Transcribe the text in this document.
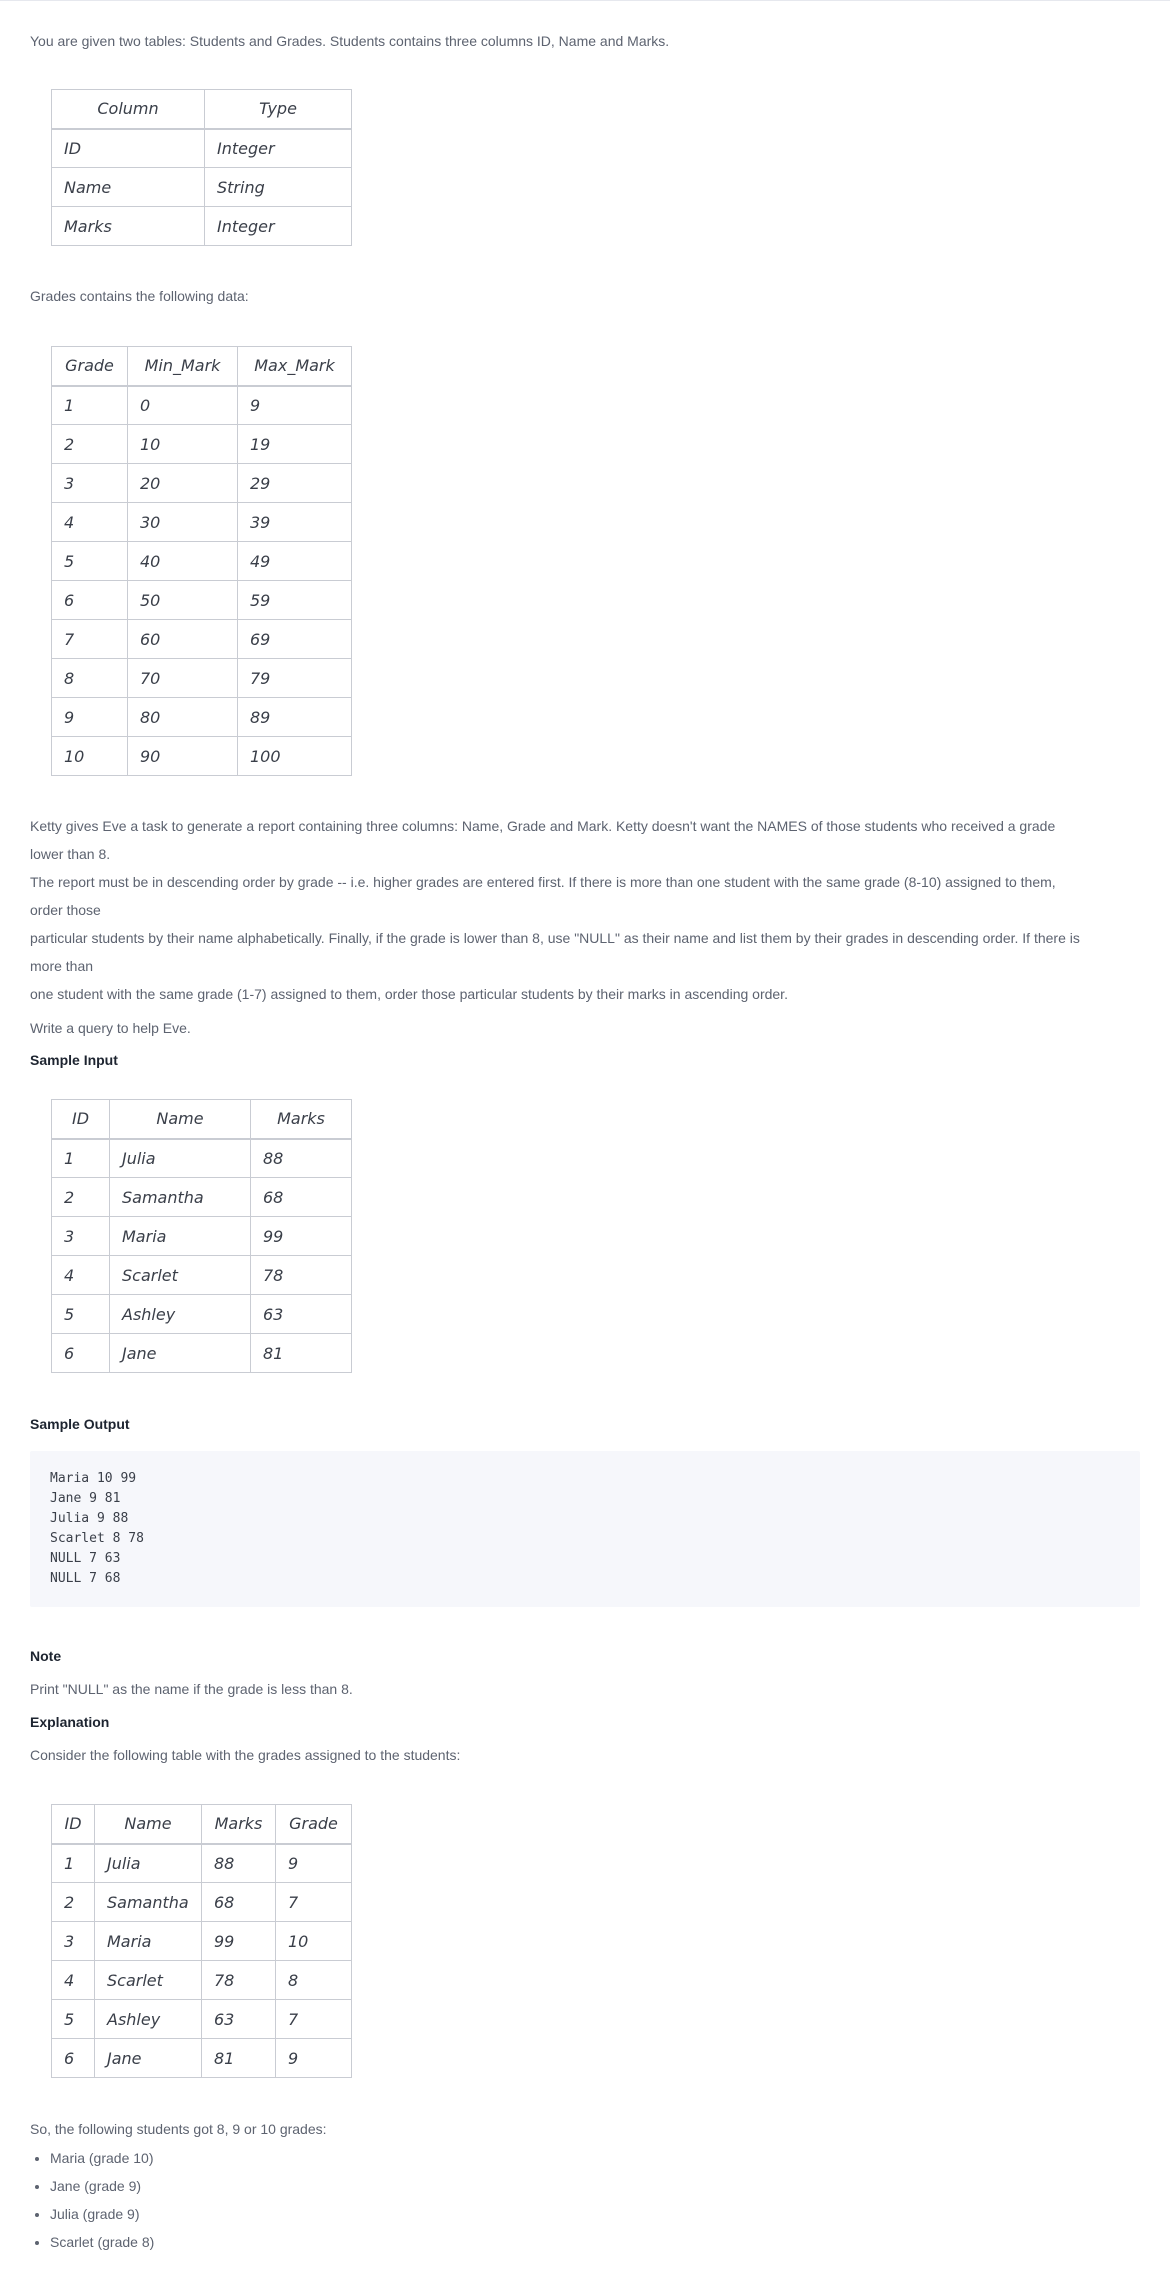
You are given two tables: Students and Grades. Students contains three columns ID, Name and Marks.

Column	Type
ID	Integer
Name	String
Marks	Integer

Grades contains the following data:

Grade	Min_Mark	Max_Mark
1	0	9
2	10	19
3	20	29
4	30	39
5	40	49
6	50	59
7	60	69
8	70	79
9	80	89
10	90	100

Ketty gives Eve a task to generate a report containing three columns: Name, Grade and Mark. Ketty doesn't want the NAMES of those students who received a grade lower than 8.

The report must be in descending order by grade -- i.e. higher grades are entered first. If there is more than one student with the same grade (8-10) assigned to them, order those

particular students by their name alphabetically. Finally, if the grade is lower than 8, use "NULL" as their name and list them by their grades in descending order. If there is more than

one student with the same grade (1-7) assigned to them, order those particular students by their marks in ascending order.

Write a query to help Eve.

Sample Input

ID	Name	Marks
1	Julia	88
2	Samantha	68
3	Maria	99
4	Scarlet	78
5	Ashley	63
6	Jane	81

Sample Output

Maria 10 99
Jane 9 81
Julia 9 88
Scarlet 8 78
NULL 7 63
NULL 7 68

Note

Print "NULL" as the name if the grade is less than 8.

Explanation

Consider the following table with the grades assigned to the students:

ID	Name	Marks	Grade
1	Julia	88	9
2	Samantha	68	7
3	Maria	99	10
4	Scarlet	78	8
5	Ashley	63	7
6	Jane	81	9

So, the following students got 8, 9 or 10 grades:

• Maria (grade 10)
• Jane (grade 9)
• Julia (grade 9)
• Scarlet (grade 8)
